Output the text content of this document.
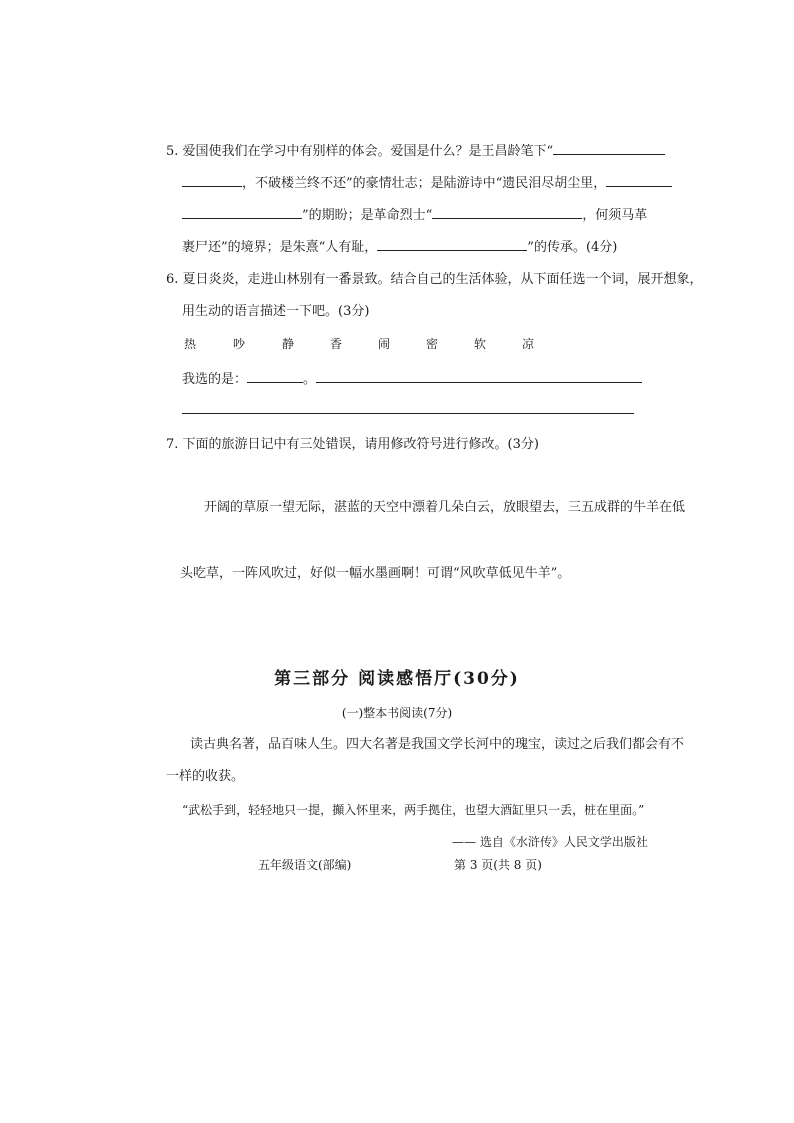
5. 爱国使我们在学习中有别样的体会。爱国是什么？是王昌龄笔下“
，不破楼兰终不还”的豪情壮志；是陆游诗中“遗民泪尽胡尘里，
”的期盼；是革命烈士“	，何须马革
裹尸还”的境界；是朱熹“人有耻，	”的传承。(4分)
6. 夏日炎炎，走进山林别有一番景致。结合自己的生活体验，从下面任选一个词，展开想象，
用生动的语言描述一下吧。(3分)
热	吵	静	香	闹	密	软	凉
我选的是：	。
7. 下面的旅游日记中有三处错误，请用修改符号进行修改。(3分)
开阔的草原一望无际，湛蓝的天空中漂着几朵白云，放眼望去，三五成群的牛羊在低
头吃草，一阵风吹过，好似一幅水墨画啊！可谓“风吹草低见牛羊”。
第三部分 阅读感悟厅(30分)
(一)整本书阅读(7分)
读古典名著，品百味人生。四大名著是我国文学长河中的瑰宝，读过之后我们都会有不
一样的收获。
“武松手到，轻轻地只一提，攧入怀里来，两手拠住，也望大酒缸里只一丢，桩在里面。”
—— 选自《水浒传》人民文学出版社
五年级语文(部编)	第 3 页(共 8 页)
